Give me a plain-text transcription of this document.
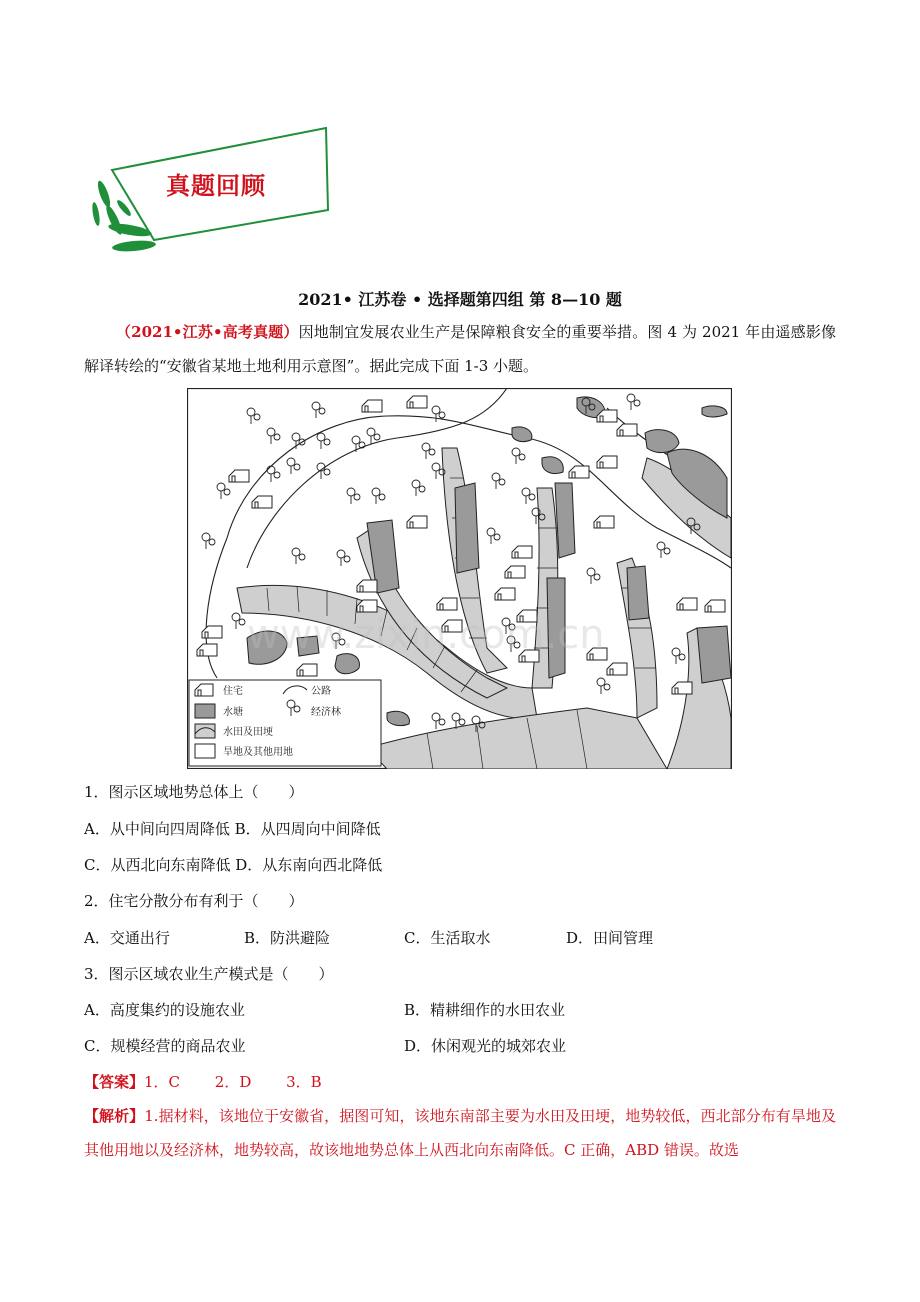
真题回顾
2021• 江苏卷 • 选择题第四组 第 8—10 题
（2021•江苏•高考真题）因地制宜发展农业生产是保障粮食安全的重要举措。图 4 为 2021 年由遥感影像解译转绘的“安徽省某地土地利用示意图”。据此完成下面 1-3 小题。
www.zixin.com.cn
住宅	公路
水塘	经济林
水田及田埂
旱地及其他用地
1．图示区域地势总体上（　　）
A．从中间向四周降低 B．从四周向中间降低
C．从西北向东南降低 D．从东南向西北降低
2．住宅分散分布有利于（　　）
A．交通出行	B．防洪避险	C．生活取水	D．田间管理
3．图示区域农业生产模式是（　　）
A．高度集约的设施农业	B．精耕细作的水田农业
C．规模经营的商品农业	D．休闲观光的城郊农业
【答案】1．C　　 2．D　　 3．B
【解析】1.据材料，该地位于安徽省，据图可知，该地东南部主要为水田及田埂，地势较低，西北部分布有旱地及其他用地以及经济林，地势较高，故该地地势总体上从西北向东南降低。C 正确，ABD 错误。故选
